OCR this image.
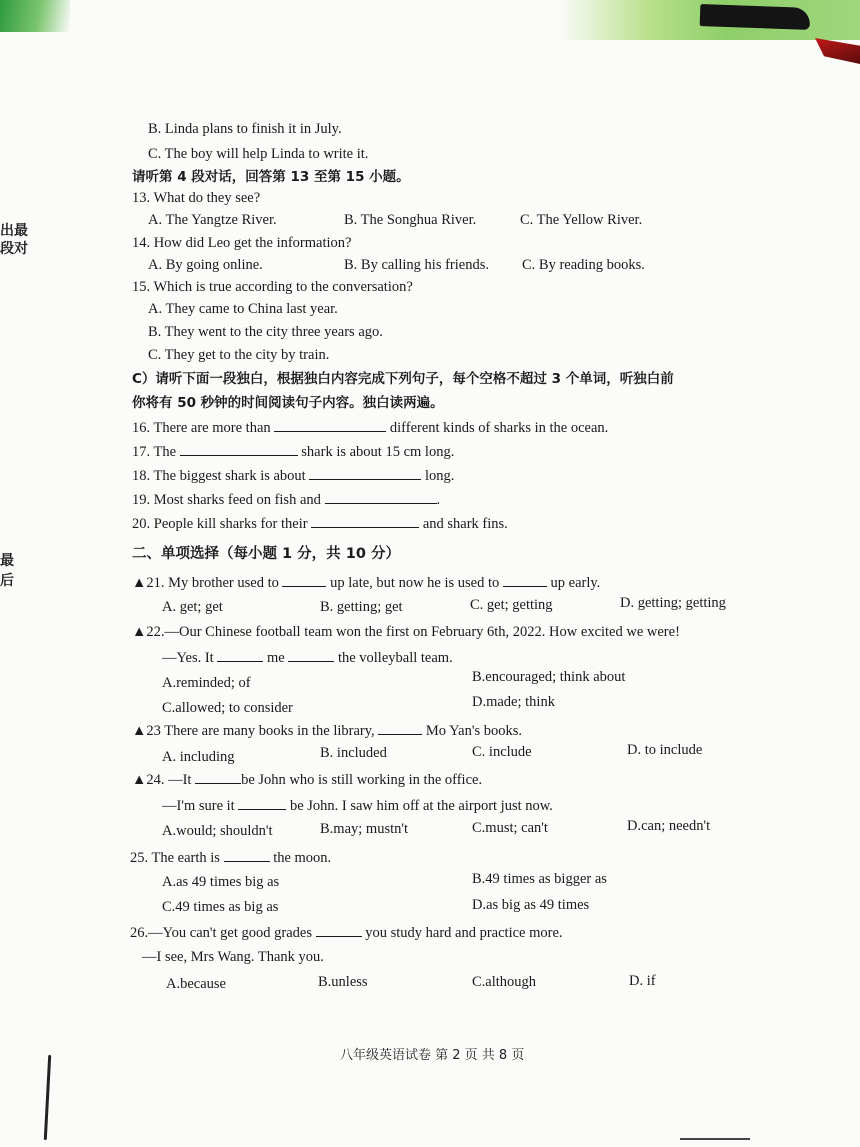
出最
段对
最
后
B. Linda plans to finish it in July.
C. The boy will help Linda to write it.
请听第 4 段对话，回答第 13 至第 15 小题。
13. What do they see?
A. The Yangtze River.	B. The Songhua River.	C. The Yellow River.
14. How did Leo get the information?
A. By going online.	B. By calling his friends. C. By reading books.
15. Which is true according to the conversation?
A. They came to China last year.
B. They went to the city three years ago.
C. They get to the city by train.
C）请听下面一段独白，根据独白内容完成下列句子，每个空格不超过 3 个单词，听独白前
你将有 50 秒钟的时间阅读句子内容。独白读两遍。
16. There are more than	different kinds of sharks in the ocean.
17. The	shark is about 15 cm long.
18. The biggest shark is about	long.
19. Most sharks feed on fish and	.
20. People kill sharks for their	and shark fins.
二、单项选择（每小题 1 分，共 10 分）
▲21. My brother used to	up late, but now he is used to	up early.
A. get; get	B. getting; get	C. get; getting	D. getting; getting
▲22.—Our Chinese football team won the first on February 6th, 2022. How excited we were!
—Yes. It	me	the volleyball team.
A.reminded; of	B.encouraged; think about
C.allowed; to consider	D.made; think
▲23 There are many books in the library,	Mo Yan's books.
A. including	B. included	C. include	D. to include
▲24. —It	be John who is still working in the office.
—I'm sure it	be John. I saw him off at the airport just now.
A.would; shouldn't	B.may; mustn't	C.must; can't	D.can; needn't
25. The earth is	the moon.
A.as 49 times big as	B.49 times as bigger as
C.49 times as big as	D.as big as 49 times
26.—You can't get good grades	you study hard and practice more.
—I see, Mrs Wang. Thank you.
A.because	B.unless	C.although	D. if
八年级英语试卷 第 2 页 共 8 页
